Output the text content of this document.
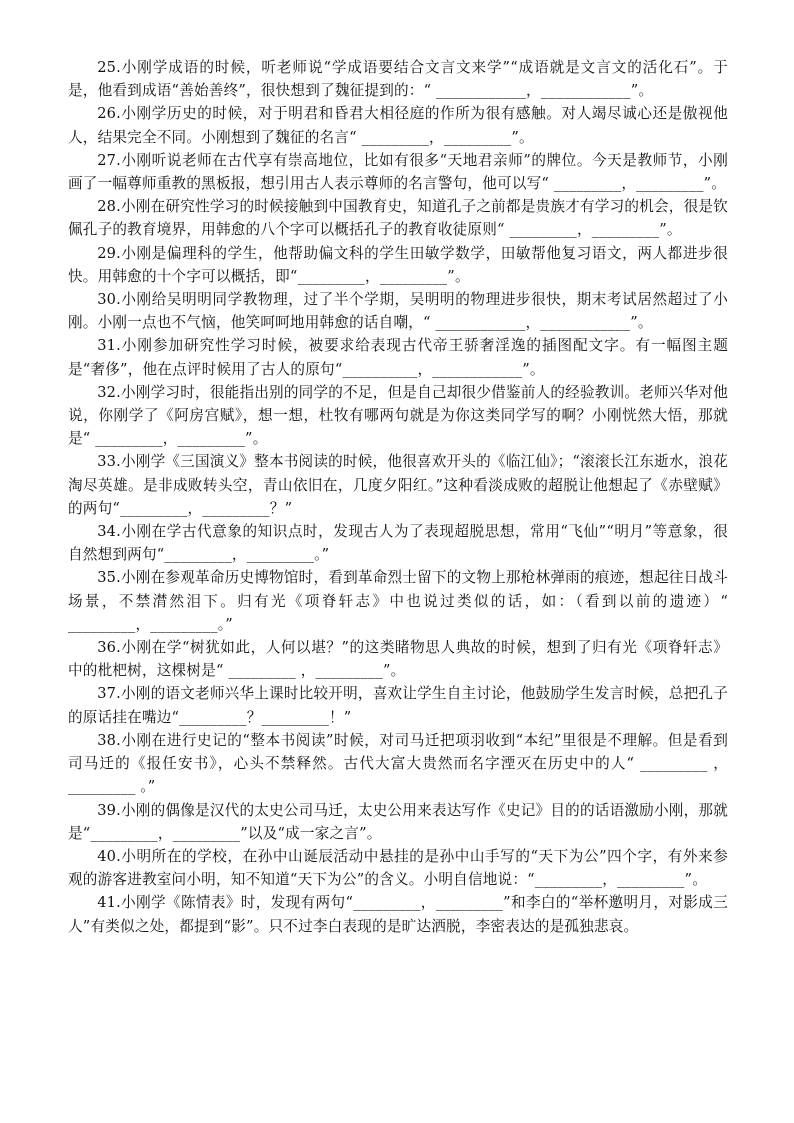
25.小刚学成语的时候，听老师说“学成语要结合文言文来学”“成语就是文言文的活化石”。于是，他看到成语“善始善终”，很快想到了魏征提到的：“ ____________，____________”。

26.小刚学历史的时候，对于明君和昏君大相径庭的作所为很有感触。对人竭尽诚心还是傲视他人，结果完全不同。小刚想到了魏征的名言“ _________，_________”。

27.小刚听说老师在古代享有崇高地位，比如有很多“天地君亲师”的牌位。今天是教师节，小刚画了一幅尊师重教的黑板报，想引用古人表示尊师的名言警句，他可以写“ _________，_________”。

28.小刚在研究性学习的时候接触到中国教育史，知道孔子之前都是贵族才有学习的机会，很是钦佩孔子的教育境界，用韩愈的八个字可以概括孔子的教育收徒原则“ _________，_________”。

29.小刚是偏理科的学生，他帮助偏文科的学生田敏学数学，田敏帮他复习语文，两人都进步很快。用韩愈的十个字可以概括，即“_________，_________”。

30.小刚给吴明明同学教物理，过了半个学期，吴明明的物理进步很快，期末考试居然超过了小刚。小刚一点也不气恼，他笑呵呵地用韩愈的话自嘲，“ ____________，____________”。

31.小刚参加研究性学习时候，被要求给表现古代帝王骄奢淫逸的插图配文字。有一幅图主题是“奢侈”，他在点评时候用了古人的原句“__________，____________”。

32.小刚学习时，很能指出别的同学的不足，但是自己却很少借鉴前人的经验教训。老师兴华对他说，你刚学了《阿房宫赋》，想一想，杜牧有哪两句就是为你这类同学写的啊？小刚恍然大悟，那就是“ _________，_________”。

33.小刚学《三国演义》整本书阅读的时候，他很喜欢开头的《临江仙》；“滚滚长江东逝水，浪花淘尽英雄。是非成败转头空，青山依旧在，几度夕阳红。”这种看淡成败的超脱让他想起了《赤壁赋》的两句“_________，_________？”

34.小刚在学古代意象的知识点时，发现古人为了表现超脱思想，常用“飞仙”“明月”等意象，很自然想到两句“_________，_________。”

35.小刚在参观革命历史博物馆时，看到革命烈士留下的文物上那枪林弹雨的痕迹，想起往日战斗场景，不禁潸然泪下。归有光《项脊轩志》中也说过类似的话，如：（看到以前的遗迹）“ _________，_________。”

36.小刚在学“树犹如此，人何以堪？”的这类睹物思人典故的时候，想到了归有光《项脊轩志》中的枇杷树，这棵树是“ _________ ，_________”。

37.小刚的语文老师兴华上课时比较开明，喜欢让学生自主讨论，他鼓励学生发言时候，总把孔子的原话挂在嘴边“_________？_________！”

38.小刚在进行史记的“整本书阅读”时候，对司马迁把项羽收到“本纪”里很是不理解。但是看到司马迁的《报任安书》，心头不禁释然。古代大富大贵然而名字湮灭在历史中的人“ _________ ，_________ 。”

39.小刚的偶像是汉代的太史公司马迁，太史公用来表达写作《史记》目的的话语激励小刚，那就是“_________，_________”以及“成一家之言”。

40.小明所在的学校，在孙中山诞辰活动中悬挂的是孙中山手写的“天下为公”四个字，有外来参观的游客进教室问小明，知不知道“天下为公”的含义。小明自信地说：“_________，_________”。

41.小刚学《陈情表》时，发现有两句“_________，_________”和李白的“举杯邀明月，对影成三人”有类似之处，都提到“影”。只不过李白表现的是旷达洒脱，李密表达的是孤独悲哀。
